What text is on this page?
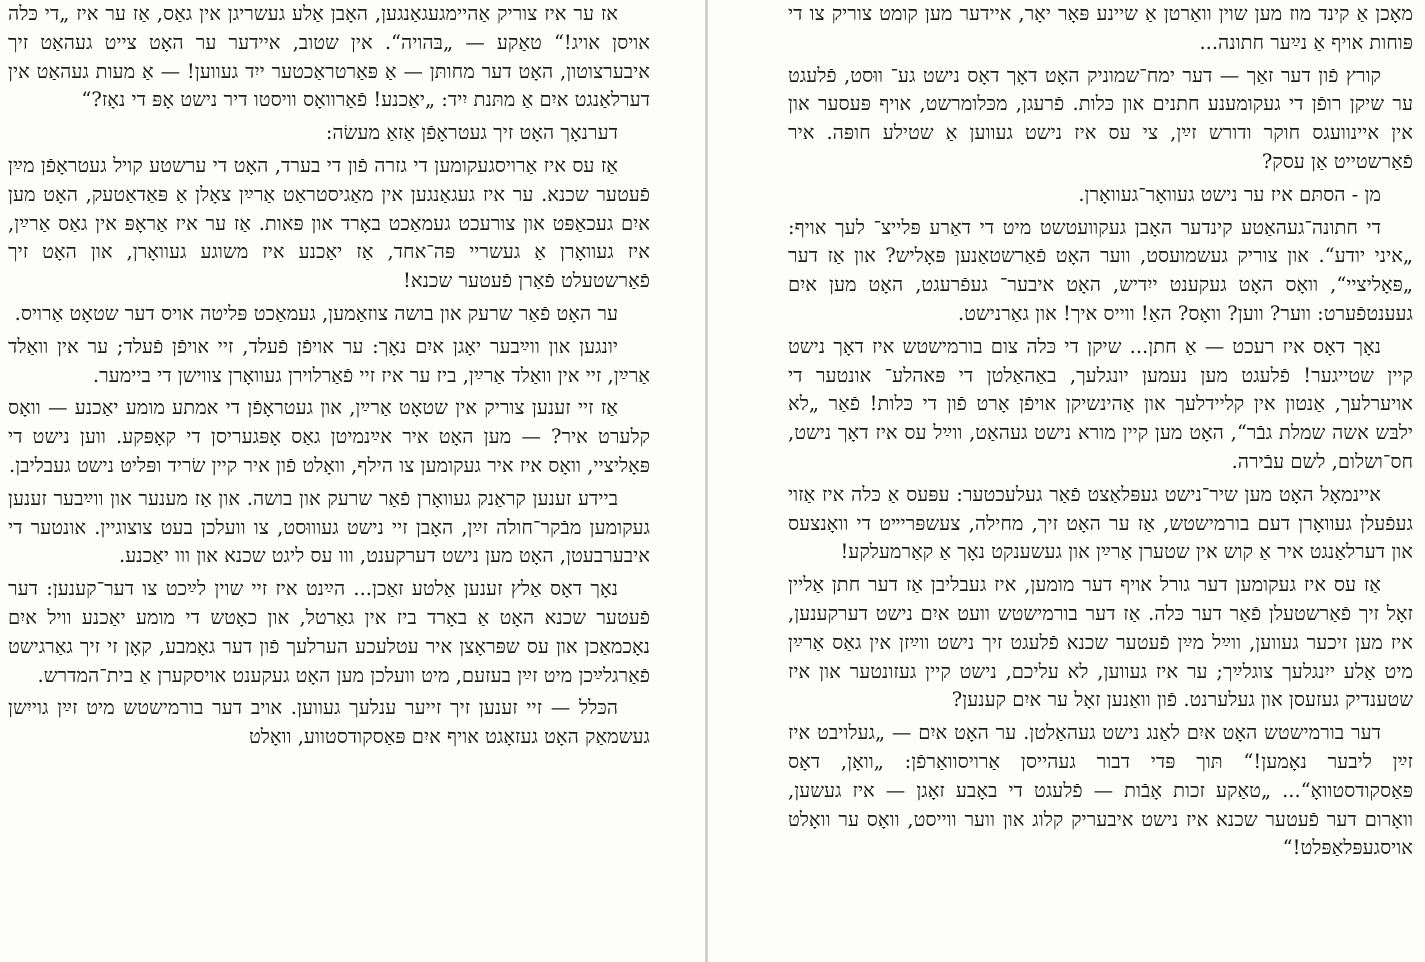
אז ער איז צוריק אַהיימגעגאַנגען, האָבן אַלע געשריגן אין גאַס, אַז ער איז „די כּלה אויסן אויג!“ טאַקע — „בּהויה“. אין שטוב, איידער ער האָט צייט געהאַט זיך איבערצוטון, האָט דער מחותּן — אַ פּאַרטראַכטער ייִד געווען! — אַ מעות געהאַט אין דערלאַנגט איִם אַ מתּנת יִיד: „יאַכנע! פֿאַרוואָס וויסטו דיר נישט אָפּ די נאָז?“

דערנאָך האָט זיך געטראָפֿן אַזאַ מעשׂה:

אַז עס איז אַרויסגעקומען די גזרה פֿון די בערד, האָט די ערשטע קויל געטראָפֿן מײַן פֿעטער שכנא. ער איז געגאַנגען אין מאַגיסטראַט אַרײַן צאָלן אַ פּאַדאַטעק, האָט מען איִם געכאַפּט און צורעכט געמאַכט באָרד און פּאות. אַז ער איז אַראָפּ אין גאַס אַרײַן, איז געוואָרן אַ געשריי פּה־אחד, אַז יאַכנע איז משוגע געוואָרן, און האָט זיך פֿאַרשטעלט פֿאַרן פֿעטער שכנא!

ער האָט פֿאַר שרעק און בושה צוזאַמען, געמאַכט פּליטה אויס דער שטאָט אַרויס.

יונגען און ווײַבער יאָגן איִם נאָך: ער אויפֿן פֿעלד, זיי אויפֿן פֿעלד; ער אין וואַלד אַרײַן, זיי אין וואַלד אַרײַן, ביז ער איז זיי פֿאַרלוירן געוואָרן צווישן די ביימער.

אַז זיי זענען צוריק אין שטאָט אַרײַן, און געטראָפֿן די אמתע מומע יאַכנע — וואָס קלערט איר? — מען האָט איר אײַנמיטן גאַס אָפּגעריסן די קאָפּקע. ווען נישט די פּאָליציי, וואָס איז איר געקומען צו הילף, וואָלט פֿון איר קיין שׂריד ופּליט נישט געבליבן.

ביידע זענען קראַנק געוואָרן פֿאַר שרעק און בושה. און אַז מענער און ווײַבער זענען געקומען מבֿקר־חולה זײַן, האָבן זיי נישט געוווּסט, צו וועלכן בעט צוצוגיין. אונטער די איבערבעטן, האָט מען נישט דערקענט, ווו עס ליגט שכנא און ווו יאַכנע.

נאָך דאָס אַלץ זענען אַלטע זאַכן... הײַנט איז זיי שוין לײַכט צו דער־קענען: דער פֿעטער שכנא האָט אַ באָרד ביז אין גאַרטל, און כאָטש די מומע יאַכנע וויל איִם נאָכמאַכן און עס שפּראָצן איר עטלעכע הערלעך פֿון דער גאָמבע, קאָן זי זיך גאַרגישט פֿאַרגלײַכן מיט זײַן בעזעם, מיט וועלכן מען האָט געקענט אויסקערן אַ בית־המדרש.

הכּלל — זיי זענען זיך זייער ענלעך געווען. אויב דער בורמישטש מיט זײַן גוייִשן געשמאַק האָט געזאָגט אויף איִם פּאַסקודסטווע, וואָלט

מאָכן אַ קינד מוז מען שוין וואַרטן אַ שיינע פּאָר יאָר, איידער מען קומט צוריק צו די פּוחות אויף אַ נײַער חתונה...

קורץ פֿון דער זאַך — דער ימח־שמוניק האָט דאָך דאָס נישט גע־ ווּסט, פֿלעגט ער שיקן רופֿן די געקומענע חתנים און כּלות. פֿרעגן, מכּלומרשט, אויף פּעסער און אין איינוועגס חוקר ודורש זײַן, צי עס איז נישט געווען אַ שטילע חופּה. איר פֿאַרשטייט אַן עסק?

מן - הסתּם איז ער נישט געוואָר־געוואָרן.

די חתונה־געהאַטע קינדער האָבן געקוועטשט מיט די דאַרע פּלייצ־ לעך אויף: „איני יודע“. און צוריק געשמועסט, ווער האָט פֿאַרשטאַנען פּאָליש? און אַז דער „פּאָליציי“, וואָס האָט געקענט ייִדיש, האָט איבער־ געפֿרעגט, האָט מען איִם געענטפֿערט: ווער? ווען? וואָס? האַ! ווייס איך! און גאַרנישט.

נאָך דאָס איז רעכט — אַ חתן... שיקן די כּלה צום בורמישטש איז דאָך נישט קיין שטייגער! פֿלעגט מען נעמען יונגלעך, באַהאַלטן די פּאהלע־ אונטער די אויערלעך, אַנטון אין קליידלעך און אַהינשיקן אויפֿן אָרט פֿון די כּלות! פֿאַר „לא ילבּש אשה שמלת גבֿר“, האָט מען קיין מורא נישט געהאַט, ווײַל עס איז דאָך נישט, חס־ושלום, לשם עבֿירה.

איינמאָל האָט מען שיר־נישט געפּלאַצט פֿאַר געלעכטער: עפּעס אַ כּלה איז אַזוי געפֿעלן געוואָרן דעם בורמישטש, אַז ער האָט זיך, מחילה, צעשפּריײט די וואָנצעס און דערלאַנגט איר אַ קוש אין שטערן אַרײַן און געשענקט נאָך אַ קאַרמעלקע!

אַז עס איז געקומען דער גורל אויף דער מומען, איז געבליבן אַז דער חתן אַליין זאָל זיך פֿאַרשטעלן פֿאַר דער כּלה. אַז דער בורמישטש וועט איִם נישט דערקענען, איז מען זיכער געווען, ווײַל מײַן פֿעטער שכנא פֿלעגט זיך נישט ווײַזן אין גאַס אַרײַן מיט אַלע ייִנגלעך צוגלײַך; ער איז געווען, לא עליכם, נישט קיין געזונטער און איז שטענדיק געזעסן און געלערנט. פֿון וואַנען זאָל ער איִם קענען?

דער בורמישטש האָט איִם לאַנג נישט געהאַלטן. ער האָט איִם — „געלויבט איז זײַן ליבער נאָמען!“ תּוך פּדי דבור געהייסן אַרויסוואַרפֿן: „וואָן, דאָס פּאַסקודסטוואָ“... „טאַקע זכות אָבֿות — פֿלעגט די באָבע זאָגן — איז געשען, וואָרום דער פֿעטער שכנא איז נישט איבעריק קלוג און ווער ווייסט, וואָס ער וואָלט אויסגעפּלאַפּלט!“
